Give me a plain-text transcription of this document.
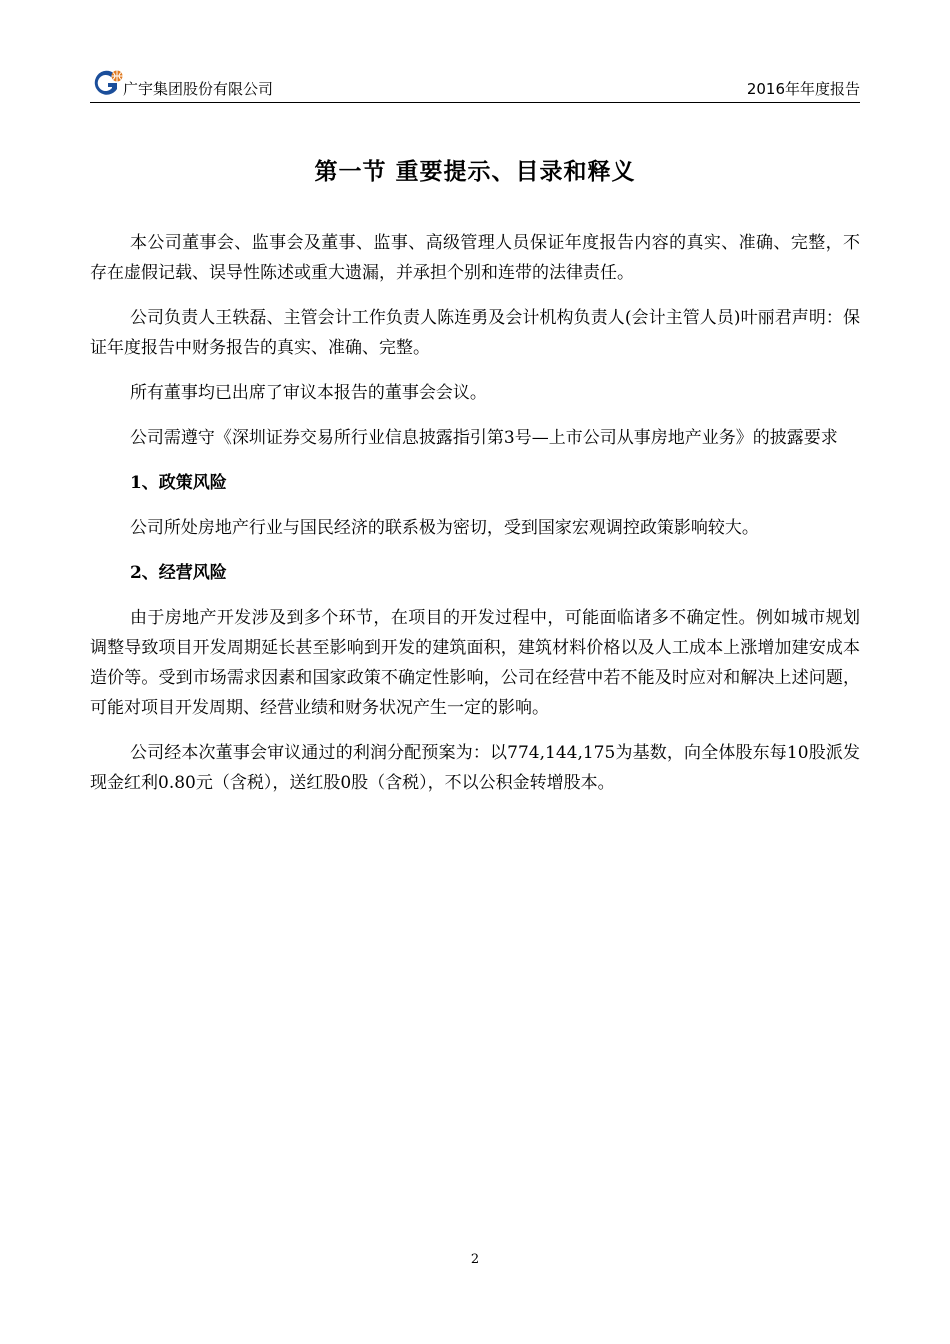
广宇集团股份有限公司	2016年年度报告
第一节 重要提示、目录和释义

本公司董事会、监事会及董事、监事、高级管理人员保证年度报告内容的真实、准确、完整，不存在虚假记载、误导性陈述或重大遗漏，并承担个别和连带的法律责任。

公司负责人王轶磊、主管会计工作负责人陈连勇及会计机构负责人(会计主管人员)叶丽君声明：保证年度报告中财务报告的真实、准确、完整。

所有董事均已出席了审议本报告的董事会会议。

公司需遵守《深圳证券交易所行业信息披露指引第3号—上市公司从事房地产业务》的披露要求

1、政策风险

公司所处房地产行业与国民经济的联系极为密切，受到国家宏观调控政策影响较大。

2、经营风险

由于房地产开发涉及到多个环节，在项目的开发过程中，可能面临诸多不确定性。例如城市规划调整导致项目开发周期延长甚至影响到开发的建筑面积，建筑材料价格以及人工成本上涨增加建安成本造价等。受到市场需求因素和国家政策不确定性影响，公司在经营中若不能及时应对和解决上述问题，可能对项目开发周期、经营业绩和财务状况产生一定的影响。

公司经本次董事会审议通过的利润分配预案为：以774,144,175为基数，向全体股东每10股派发现金红利0.80元（含税），送红股0股（含税），不以公积金转增股本。

2
